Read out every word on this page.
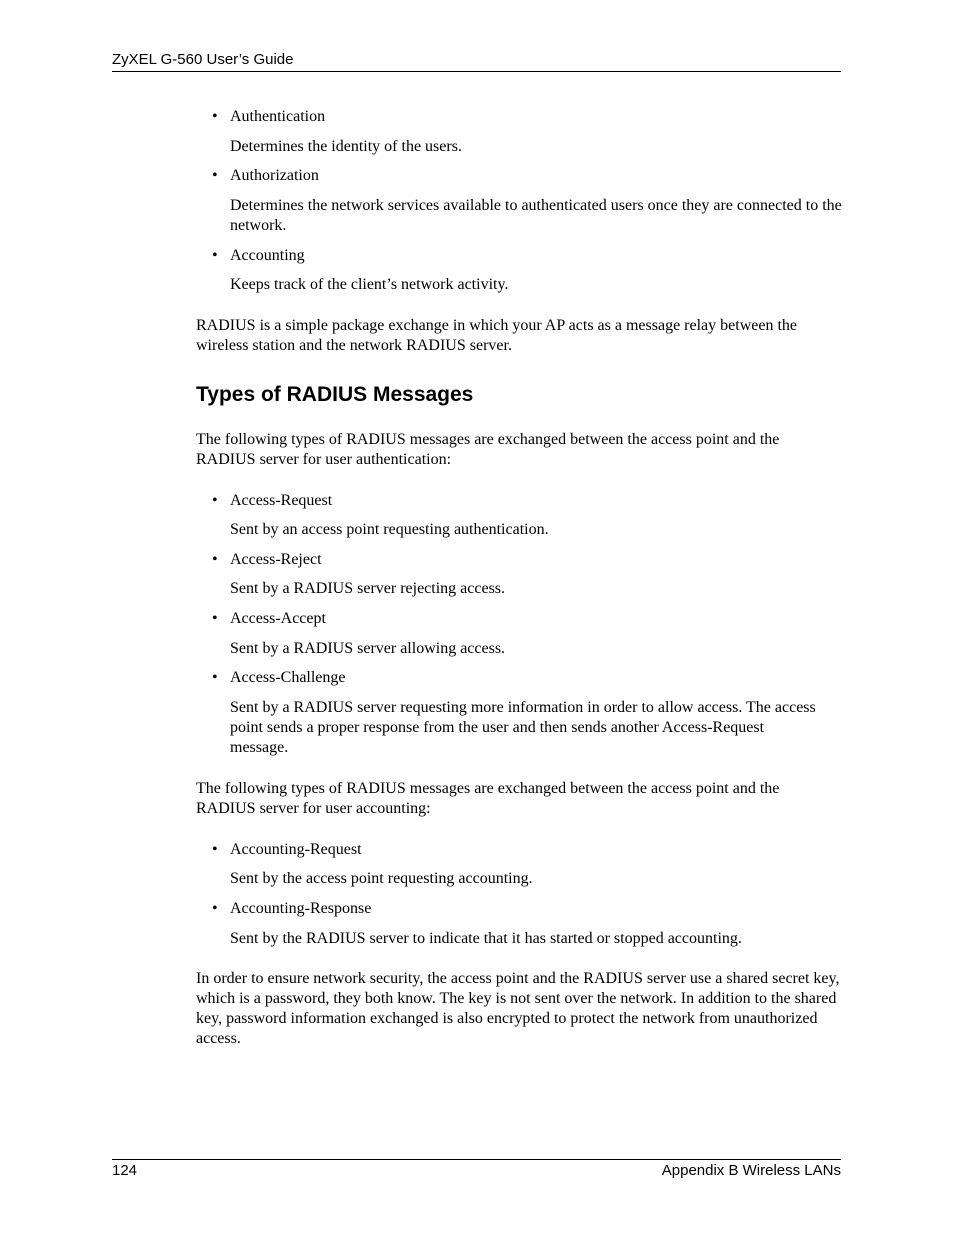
ZyXEL G-560 User’s Guide
• Authentication

Determines the identity of the users.

• Authorization

Determines the network services available to authenticated users once they are connected to the network.

• Accounting

Keeps track of the client’s network activity.

RADIUS is a simple package exchange in which your AP acts as a message relay between the wireless station and the network RADIUS server.

Types of RADIUS Messages

The following types of RADIUS messages are exchanged between the access point and the RADIUS server for user authentication:

• Access-Request

Sent by an access point requesting authentication.

• Access-Reject

Sent by a RADIUS server rejecting access.

• Access-Accept

Sent by a RADIUS server allowing access.

• Access-Challenge

Sent by a RADIUS server requesting more information in order to allow access. The access point sends a proper response from the user and then sends another Access-Request message.

The following types of RADIUS messages are exchanged between the access point and the RADIUS server for user accounting:

• Accounting-Request

Sent by the access point requesting accounting.

• Accounting-Response

Sent by the RADIUS server to indicate that it has started or stopped accounting.

In order to ensure network security, the access point and the RADIUS server use a shared secret key, which is a password, they both know. The key is not sent over the network. In addition to the shared key, password information exchanged is also encrypted to protect the network from unauthorized access.

124	Appendix B Wireless LANs
